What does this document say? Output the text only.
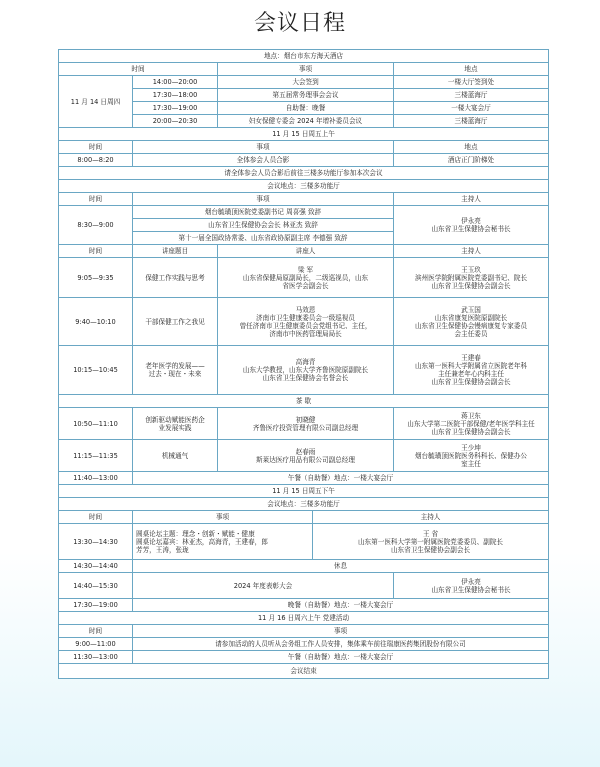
会议日程
地点：烟台市东方海天酒店				
时间		事项		地点
11 月 14 日周四	14:00—20:00	大会签到		一楼大厅签到处
	17:30—18:00	第五届常务理事会会议		三楼蓝海厅
	17:30—19:00	自助餐：晚餐		一楼大宴会厅
	20:00—20:30	妇女保健专委会 2024 年增补委员会议		三楼蓝海厅
11 月 15 日周五上午				
时间	事项			地点
8:00—8:20	全体参会人员合影			酒店正门阶梯处
请全体参会人员合影后前往三楼多功能厅参加本次会议				
会议地点：三楼多功能厅				
时间	事项			主持人
8:30—9:00	烟台毓璜顶医院党委副书记 周喜强 致辞			伊永亮
山东省卫生保健协会秘书长

	山东省卫生保健协会会长 林亚杰 致辞			
	第十一届全国政协常委、山东省政协原副主席 李德强 致辞			
时间	讲座题目	讲座人		主持人
9:05—9:35	保健工作实践与思考	梁 军
山东省保健局原副局长，二级巡视员，山东
省医学会副会长		王玉玖
滨州医学院附属医院党委副书记、院长
山东省卫生保健协会副会长

9:40—10:10	干部保健工作之我见	马效恩
济南市卫生健康委员会一级巡视员
曾任济南市卫生健康委员会党组书记、主任，
济南市中医药管理局局长		武玉国
山东省康复医院原副院长
山东省卫生保健协会慢病康复专家委员
会主任委员

10:15—10:45	老年医学的发展——
过去・现在・未来	高海青
山东大学教授，山东大学齐鲁医院原副院长
山东省卫生保健协会名誉会长		王建春
山东第一医科大学附属省立医院老年科
主任兼老年心内科主任
山东省卫生保健协会副会长

茶 歇				
10:50—11:10	创新驱动赋能医药企
业发展实践	初晓健
齐鲁医疗投资管理有限公司副总经理		蒋卫东
山东大学第二医院干部保健/老年医学科主任
山东省卫生保健协会副会长

11:15—11:35	机械通气	赵春雨
斯莱达医疗用品有限公司副总经理		王少坤
烟台毓璜顶医院医务科科长、保健办公
室主任

11:40—13:00	午餐（自助餐）地点：一楼大宴会厅			
11 月 15 日周五下午				
会议地点：三楼多功能厅				
时间	事项		主持人	
13:30—14:30	圆桌论坛主题：理念・创新・赋能・健康
圆桌论坛嘉宾：林亚杰，高海青，王建春，郎
芳芳，王涛，张珑		王 省
山东第一医科大学第一附属医院党委委员、副院长
山东省卫生保健协会副会长	

14:30—14:40	休息			
14:40—15:30	2024 年度表彰大会			伊永亮
山东省卫生保健协会秘书长

17:30—19:00	晚餐（自助餐）地点：一楼大宴会厅			
11 月 16 日周六上午 党建活动				
时间	事项			
9:00—11:00	请参加活动的人员听从会务组工作人员安排，集体乘车前往瑞康医药集团股份有限公司			
11:30—13:00	午餐（自助餐）地点：一楼大宴会厅			
会议结束				
